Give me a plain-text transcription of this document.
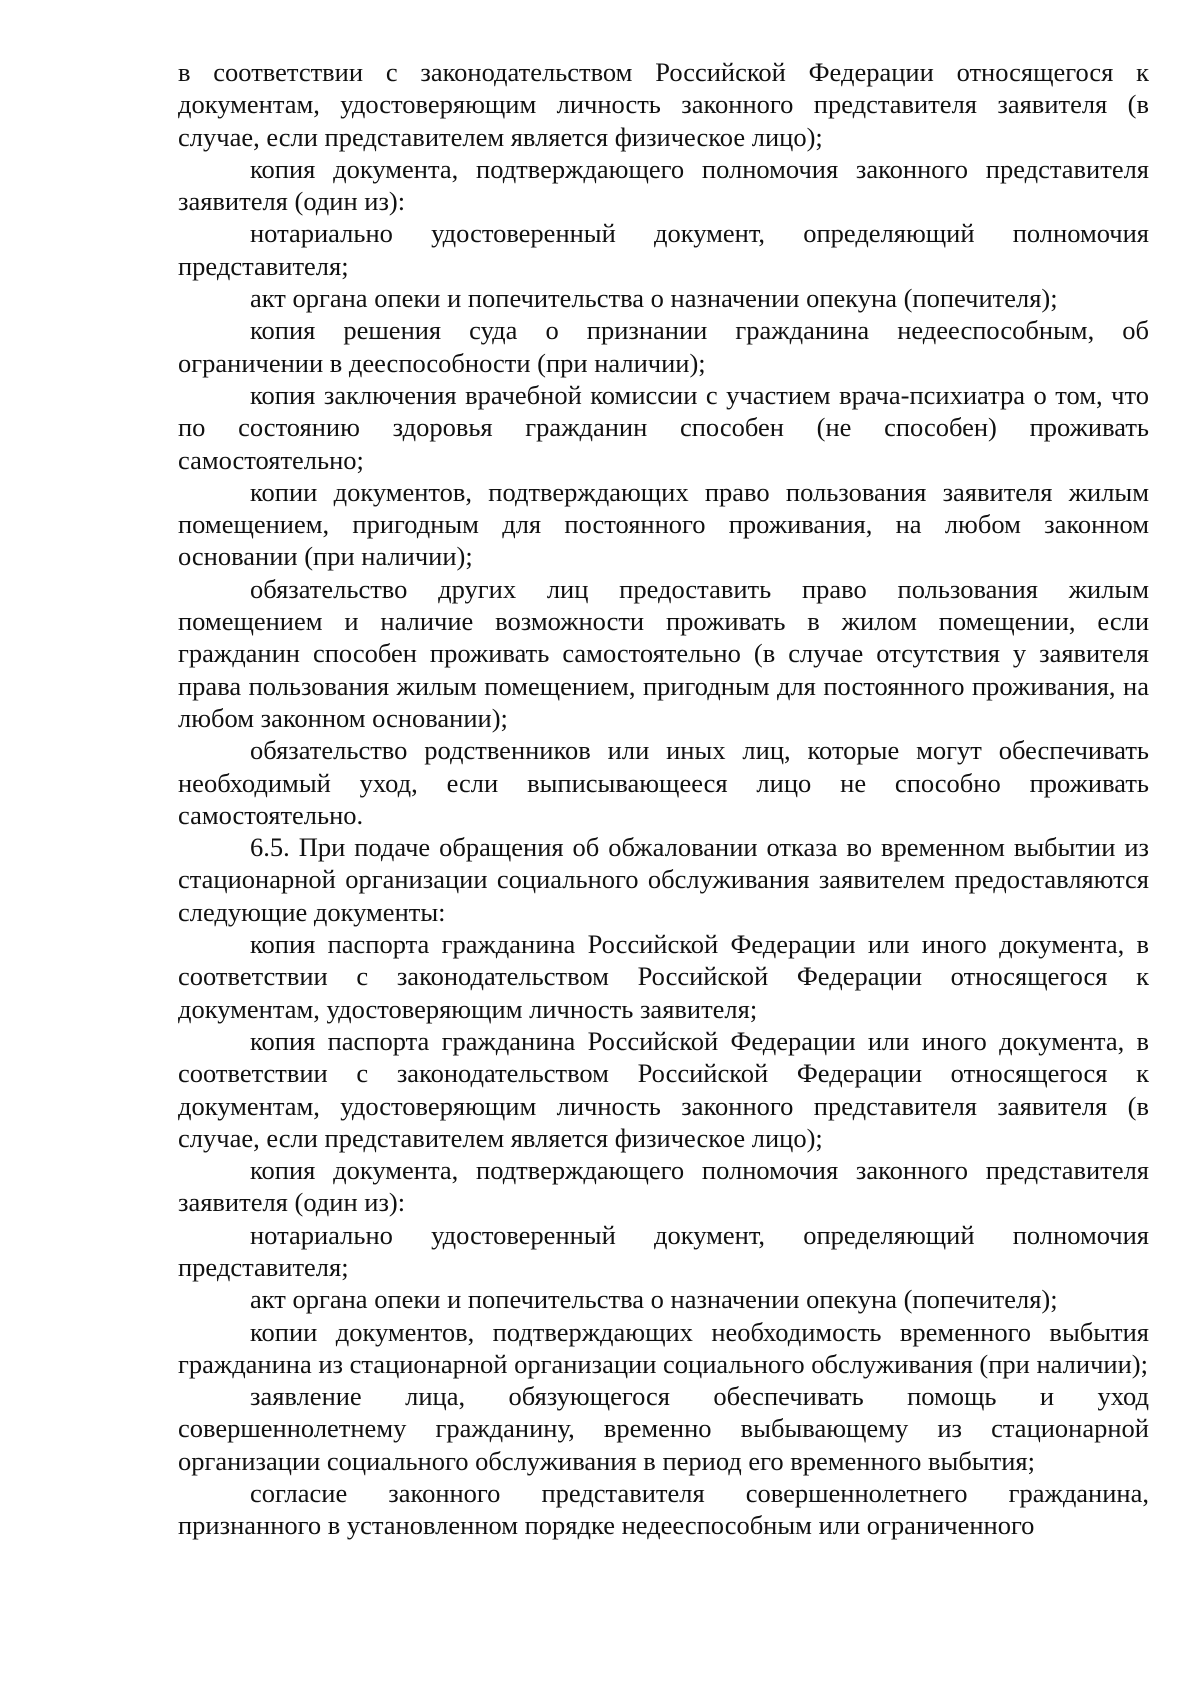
в соответствии с законодательством Российской Федерации относящегося к документам, удостоверяющим личность законного представителя заявителя (в случае, если представителем является физическое лицо);

копия документа, подтверждающего полномочия законного представителя заявителя (один из):

нотариально удостоверенный документ, определяющий полномочия представителя;

акт органа опеки и попечительства о назначении опекуна (попечителя);

копия решения суда о признании гражданина недееспособным, об ограничении в дееспособности (при наличии);

копия заключения врачебной комиссии с участием врача-психиатра о том, что по состоянию здоровья гражданин способен (не способен) проживать самостоятельно;

копии документов, подтверждающих право пользования заявителя жилым помещением, пригодным для постоянного проживания, на любом законном основании (при наличии);

обязательство других лиц предоставить право пользования жилым помещением и наличие возможности проживать в жилом помещении, если гражданин способен проживать самостоятельно (в случае отсутствия у заявителя права пользования жилым помещением, пригодным для постоянного проживания, на любом законном основании);

обязательство родственников или иных лиц, которые могут обеспечивать необходимый уход, если выписывающееся лицо не способно проживать самостоятельно.

6.5. При подаче обращения об обжаловании отказа во временном выбытии из стационарной организации социального обслуживания заявителем предоставляются следующие документы:

копия паспорта гражданина Российской Федерации или иного документа, в соответствии с законодательством Российской Федерации относящегося к документам, удостоверяющим личность заявителя;

копия паспорта гражданина Российской Федерации или иного документа, в соответствии с законодательством Российской Федерации относящегося к документам, удостоверяющим личность законного представителя заявителя (в случае, если представителем является физическое лицо);

копия документа, подтверждающего полномочия законного представителя заявителя (один из):

нотариально удостоверенный документ, определяющий полномочия представителя;

акт органа опеки и попечительства о назначении опекуна (попечителя);

копии документов, подтверждающих необходимость временного выбытия гражданина из стационарной организации социального обслуживания (при наличии);

заявление лица, обязующегося обеспечивать помощь и уход совершеннолетнему гражданину, временно выбывающему из стационарной организации социального обслуживания в период его временного выбытия;

согласие законного представителя совершеннолетнего гражданина, признанного в установленном порядке недееспособным или ограниченного
